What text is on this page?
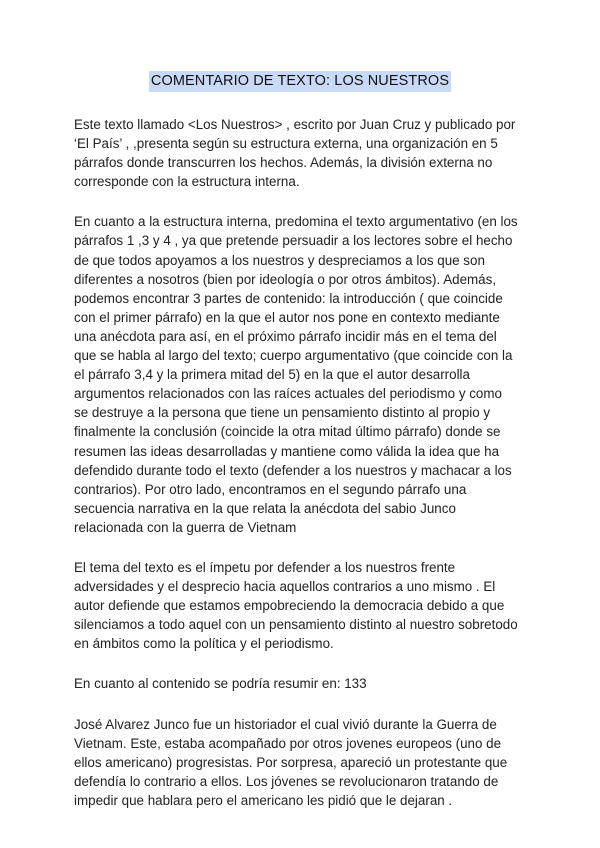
COMENTARIO DE TEXTO: LOS NUESTROS

Este texto llamado <Los Nuestros> , escrito por Juan Cruz y publicado por
‘El País’ , ,presenta según su estructura externa, una organización en 5
párrafos donde transcurren los hechos. Además, la división externa no
corresponde con la estructura interna.

En cuanto a la estructura interna, predomina el texto argumentativo (en los
párrafos 1 ,3 y 4 , ya que pretende persuadir a los lectores sobre el hecho
de que todos apoyamos a los nuestros y despreciamos a los que son
diferentes a nosotros (bien por ideología o por otros ámbitos). Además,
podemos encontrar 3 partes de contenido: la introducción ( que coincide
con el primer párrafo) en la que el autor nos pone en contexto mediante
una anécdota para así, en el próximo párrafo incidir más en el tema del
que se habla al largo del texto; cuerpo argumentativo (que coincide con la
el párrafo 3,4 y la primera mitad del 5) en la que el autor desarrolla
argumentos relacionados con las raíces actuales del periodismo y como
se destruye a la persona que tiene un pensamiento distinto al propio y
finalmente la conclusión (coincide la otra mitad último párrafo) donde se
resumen las ideas desarrolladas y mantiene como válida la idea que ha
defendido durante todo el texto (defender a los nuestros y machacar a los
contrarios). Por otro lado, encontramos en el segundo párrafo una
secuencia narrativa en la que relata la anécdota del sabio Junco
relacionada con la guerra de Vietnam

El tema del texto es el ímpetu por defender a los nuestros frente
adversidades y el desprecio hacia aquellos contrarios a uno mismo . El
autor defiende que estamos empobreciendo la democracia debido a que
silenciamos a todo aquel con un pensamiento distinto al nuestro sobretodo
en ámbitos como la política y el periodismo.

En cuanto al contenido se podría resumir en: 133

José Alvarez Junco fue un historiador el cual vivió durante la Guerra de
Vietnam. Este, estaba acompañado por otros jovenes europeos (uno de
ellos americano) progresistas. Por sorpresa, apareció un protestante que
defendía lo contrario a ellos. Los jóvenes se revolucionaron tratando de
impedir que hablara pero el americano les pidió que le dejaran .
